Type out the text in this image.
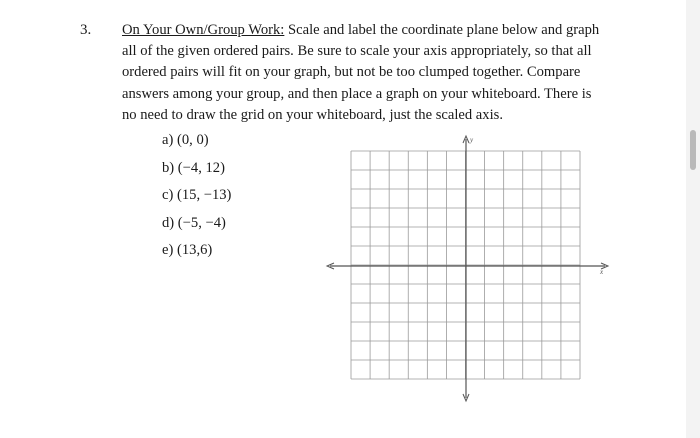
3. On Your Own/Group Work: Scale and label the coordinate plane below and graph
all of the given ordered pairs. Be sure to scale your axis appropriately, so that all
ordered pairs will fit on your graph, but not be too clumped together. Compare
answers among your group, and then place a graph on your whiteboard. There is
no need to draw the grid on your whiteboard, just the scaled axis.
a) (0, 0)
b) (−4, 12)
c) (15, −13)
d) (−5, −4)
e) (13,6)
y
x
